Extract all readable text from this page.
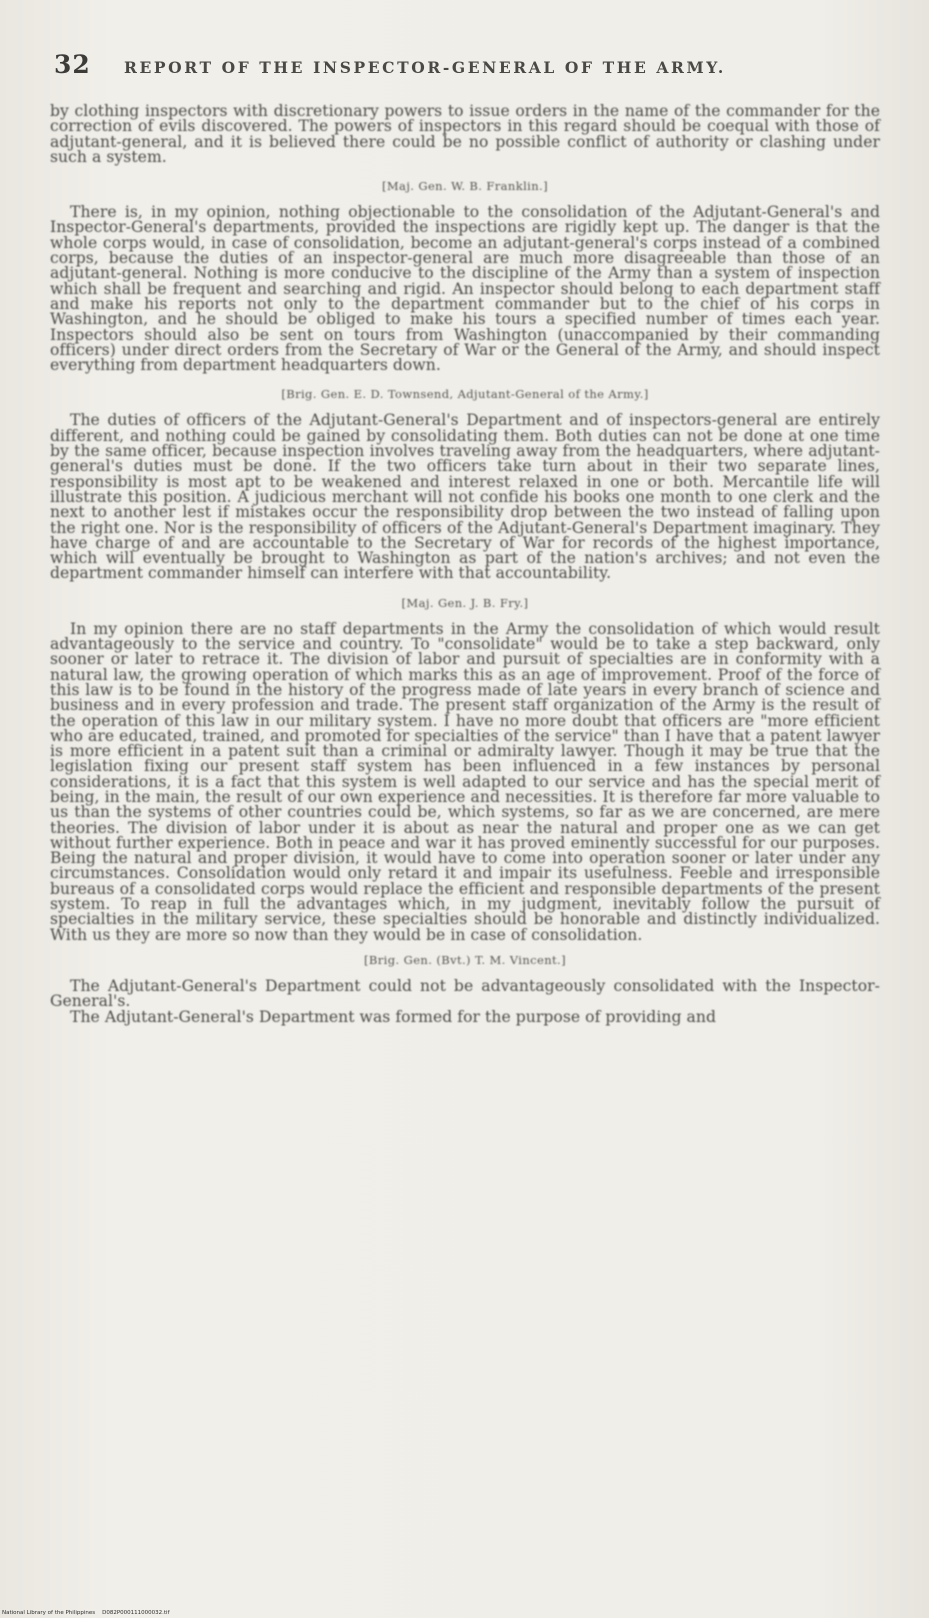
32	REPORT OF THE INSPECTOR-GENERAL OF THE ARMY.

by clothing inspectors with discretionary powers to issue orders in the name of the commander for the correction of evils discovered. The powers of inspectors in this regard should be coequal with those of adjutant-general, and it is believed there could be no possible conflict of authority or clashing under such a system.

[Maj. Gen. W. B. Franklin.]

There is, in my opinion, nothing objectionable to the consolidation of the Adjutant-General's and Inspector-General's departments, provided the inspections are rigidly kept up. The danger is that the whole corps would, in case of consolidation, become an adjutant-general's corps instead of a combined corps, because the duties of an inspector-general are much more disagreeable than those of an adjutant-general. Nothing is more conducive to the discipline of the Army than a system of inspection which shall be frequent and searching and rigid. An inspector should belong to each department staff and make his reports not only to the department commander but to the chief of his corps in Washington, and he should be obliged to make his tours a specified number of times each year. Inspectors should also be sent on tours from Washington (unaccompanied by their commanding officers) under direct orders from the Secretary of War or the General of the Army, and should inspect everything from department headquarters down.

[Brig. Gen. E. D. Townsend, Adjutant-General of the Army.]

The duties of officers of the Adjutant-General's Department and of inspectors-general are entirely different, and nothing could be gained by consolidating them. Both duties can not be done at one time by the same officer, because inspection involves traveling away from the headquarters, where adjutant-general's duties must be done. If the two officers take turn about in their two separate lines, responsibility is most apt to be weakened and interest relaxed in one or both. Mercantile life will illustrate this position. A judicious merchant will not confide his books one month to one clerk and the next to another lest if mistakes occur the responsibility drop between the two instead of falling upon the right one. Nor is the responsibility of officers of the Adjutant-General's Department imaginary. They have charge of and are accountable to the Secretary of War for records of the highest importance, which will eventually be brought to Washington as part of the nation's archives; and not even the department commander himself can interfere with that accountability.

[Maj. Gen. J. B. Fry.]

In my opinion there are no staff departments in the Army the consolidation of which would result advantageously to the service and country. To "consolidate" would be to take a step backward, only sooner or later to retrace it. The division of labor and pursuit of specialties are in conformity with a natural law, the growing operation of which marks this as an age of improvement. Proof of the force of this law is to be found in the history of the progress made of late years in every branch of science and business and in every profession and trade. The present staff organization of the Army is the result of the operation of this law in our military system. I have no more doubt that officers are "more efficient who are educated, trained, and promoted for specialties of the service" than I have that a patent lawyer is more efficient in a patent suit than a criminal or admiralty lawyer. Though it may be true that the legislation fixing our present staff system has been influenced in a few instances by personal considerations, it is a fact that this system is well adapted to our service and has the special merit of being, in the main, the result of our own experience and necessities. It is therefore far more valuable to us than the systems of other countries could be, which systems, so far as we are concerned, are mere theories. The division of labor under it is about as near the natural and proper one as we can get without further experience. Both in peace and war it has proved eminently successful for our purposes. Being the natural and proper division, it would have to come into operation sooner or later under any circumstances. Consolidation would only retard it and impair its usefulness. Feeble and irresponsible bureaus of a consolidated corps would replace the efficient and responsible departments of the present system. To reap in full the advantages which, in my judgment, inevitably follow the pursuit of specialties in the military service, these specialties should be honorable and distinctly individualized. With us they are more so now than they would be in case of consolidation.

[Brig. Gen. (Bvt.) T. M. Vincent.]

The Adjutant-General's Department could not be advantageously consolidated with the Inspector-General's.

The Adjutant-General's Department was formed for the purpose of providing and

National Library of the Philippines D082P000111000032.tif
